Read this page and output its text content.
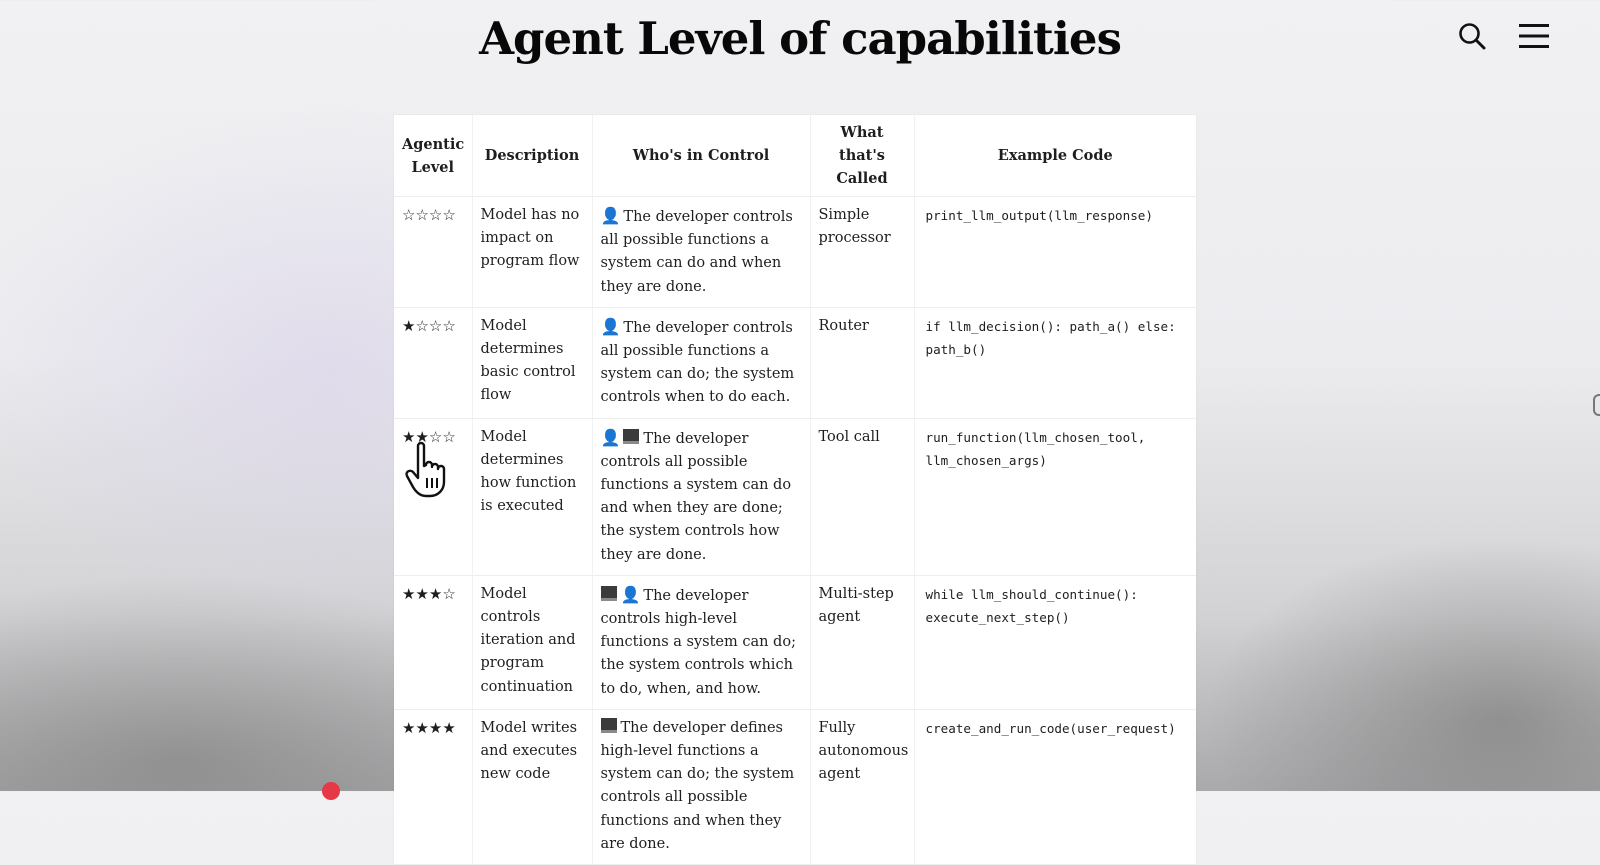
Agent Level of capabilities
Agentic Level	Description	Who's in Control	What that's Called	Example Code
☆☆☆☆	Model has no impact on program flow	👤 The developer controls all possible functions a system can do and when they are done.	Simple processor	print_llm_output(llm_response)
★☆☆☆	Model determines basic control flow	👤 The developer controls all possible functions a system can do; the system controls when to do each.	Router	if llm_decision(): path_a() else: path_b()
★★☆☆	Model determines how function is executed	👤 The developer controls all possible functions a system can do and when they are done; the system controls how they are done.	Tool call	run_function(llm_chosen_tool, llm_chosen_args)
★★★☆	Model controls iteration and program continuation	👤 The developer controls high-level functions a system can do; the system controls which to do, when, and how.	Multi-step agent	while llm_should_continue(): execute_next_step()
★★★★	Model writes and executes new code	The developer defines high-level functions a system can do; the system controls all possible functions and when they are done.	Fully autonomous agent	create_and_run_code(user_request)
